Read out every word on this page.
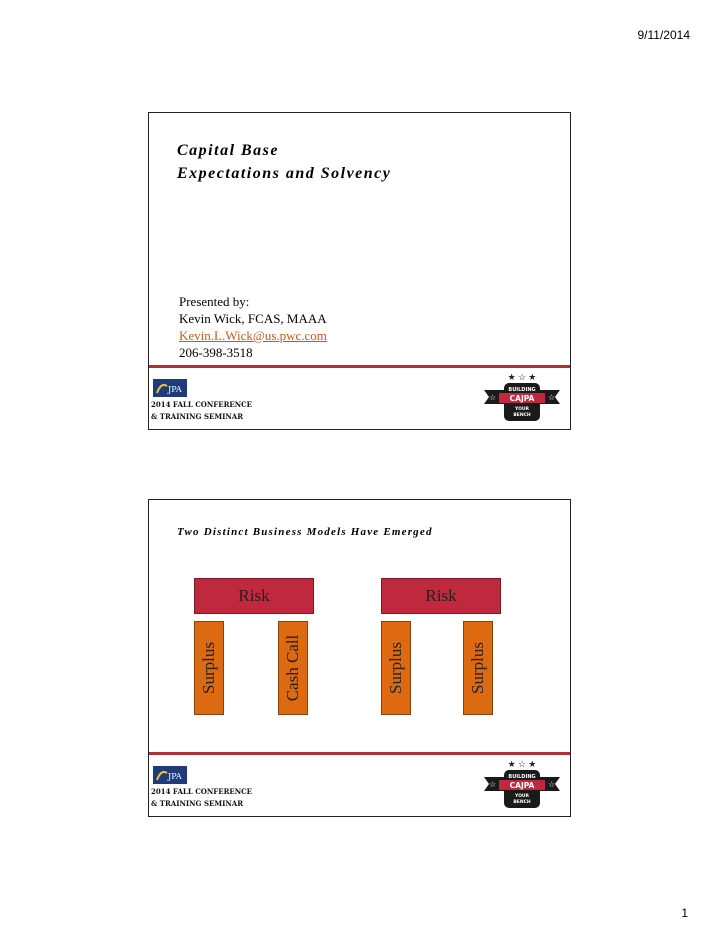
9/11/2014
Capital Base
Expectations and Solvency
Presented by:
Kevin Wick, FCAS, MAAA
Kevin.L.Wick@us.pwc.com
206-398-3518
JPA
2014 FALL CONFERENCE
& TRAINING SEMINAR
★ ☆ ★
☆	☆
BUILDING
CAJPA
YOUR
BENCH
Two Distinct Business Models Have Emerged
Risk
Surplus	Cash Call
Risk
Surplus	Surplus
JPA
2014 FALL CONFERENCE
& TRAINING SEMINAR
★ ☆ ★
☆	☆
BUILDING
CAJPA
YOUR
BENCH
1
